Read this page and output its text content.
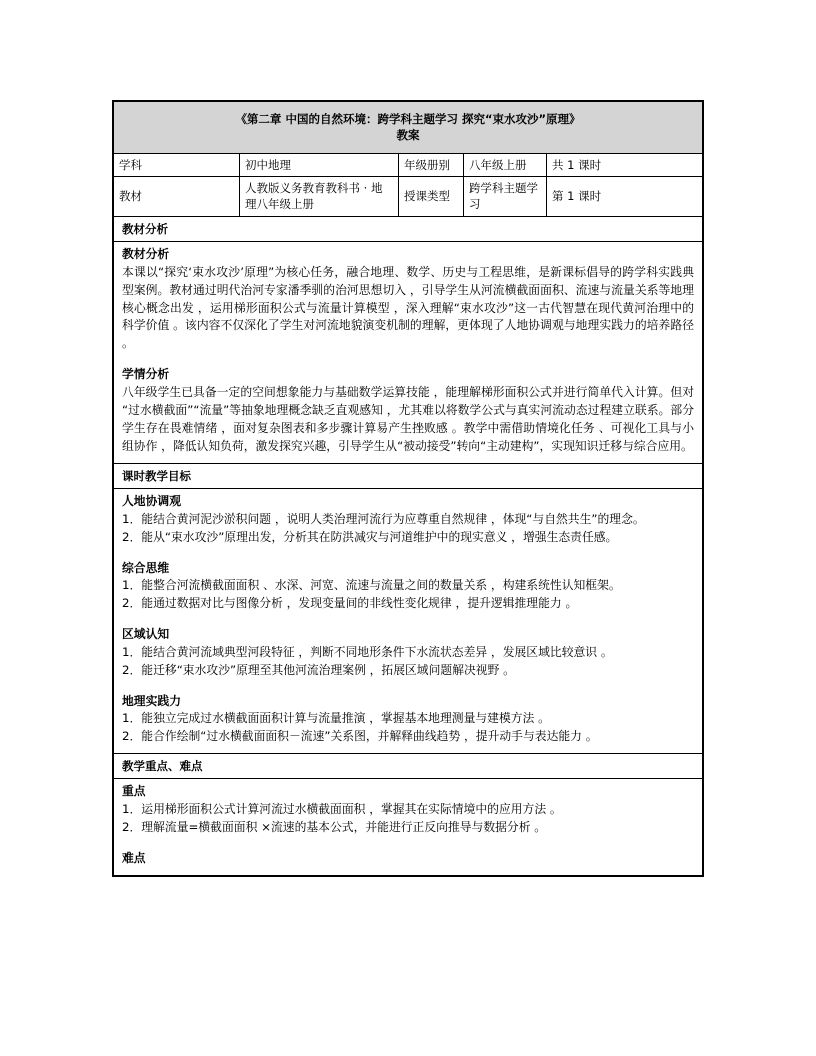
《第二章 中国的自然环境：跨学科主题学习 探究“束水攻沙”原理》
教案				

学科	初中地理	年级册别	八年级上册	共 1 课时
教材	人教版义务教育教科书 · 地理八年级上册	授课类型	跨学科主题学习	第 1 课时
教材分析				

教材分析

本课以“探究‘束水攻沙’原理”为核心任务，融合地理、数学、历史与工程思维，是新课标倡导的跨学科实践典型案例。教材通过明代治河专家潘季驯的治河思想切入 ，引导学生从河流横截面面积、流速与流量关系等地理核心概念出发 ，运用梯形面积公式与流量计算模型 ，深入理解“束水攻沙”这一古代智慧在现代黄河治理中的科学价值 。该内容不仅深化了学生对河流地貌演变机制的理解，更体现了人地协调观与地理实践力的培养路径 。

学情分析

八年级学生已具备一定的空间想象能力与基础数学运算技能 ，能理解梯形面积公式并进行简单代入计算。但对“过水横截面”“流量”等抽象地理概念缺乏直观感知 ，尤其难以将数学公式与真实河流动态过程建立联系。部分学生存在畏难情绪 ，面对复杂图表和多步骤计算易产生挫败感 。教学中需借助情境化任务 、可视化工具与小组协作 ，降低认知负荷，激发探究兴趣，引导学生从“被动接受”转向“主动建构”，实现知识迁移与综合应用。				

课时教学目标				

人地协调观

1．能结合黄河泥沙淤积问题 ，说明人类治理河流行为应尊重自然规律 ，体现“与自然共生”的理念。

2．能从“束水攻沙”原理出发，分析其在防洪减灾与河道维护中的现实意义 ，增强生态责任感。

综合思维

1．能整合河流横截面面积 、水深、河宽、流速与流量之间的数量关系 ，构建系统性认知框架。

2．能通过数据对比与图像分析 ，发现变量间的非线性变化规律 ，提升逻辑推理能力 。

区域认知

1．能结合黄河流域典型河段特征 ，判断不同地形条件下水流状态差异 ，发展区域比较意识 。

2．能迁移“束水攻沙”原理至其他河流治理案例 ，拓展区域问题解决视野 。

地理实践力

1．能独立完成过水横截面面积计算与流量推演 ，掌握基本地理测量与建模方法 。

2．能合作绘制“过水横截面面积－流速”关系图，并解释曲线趋势 ，提升动手与表达能力 。

教学重点、难点				

重点

1．运用梯形面积公式计算河流过水横截面面积 ，掌握其在实际情境中的应用方法 。

2．理解流量=横截面面积 ×流速的基本公式，并能进行正反向推导与数据分析 。

难点				
